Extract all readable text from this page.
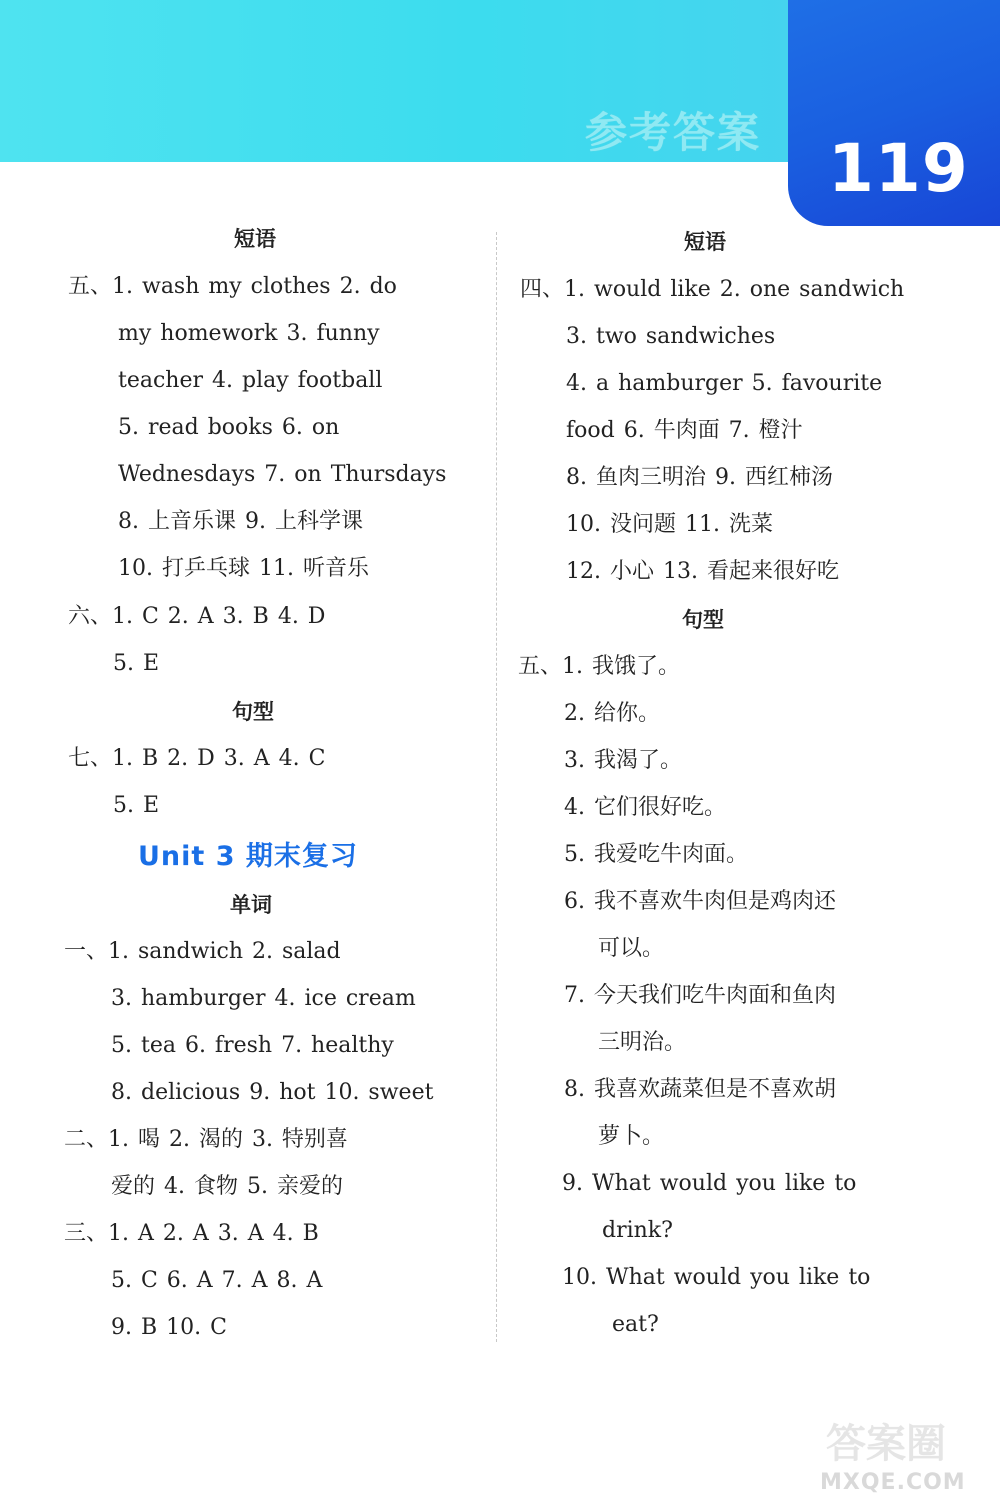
参考答案 119
短语
五、1. wash my clothes 2. do
my homework 3. funny
teacher 4. play football
5. read books 6. on
Wednesdays 7. on Thursdays
8. 上音乐课 9. 上科学课
10. 打乒乓球 11. 听音乐
六、1. C 2. A 3. B 4. D
5. E
句型
七、1. B 2. D 3. A 4. C
5. E
Unit 3 期末复习
单词
一、1. sandwich 2. salad
3. hamburger 4. ice cream
5. tea 6. fresh 7. healthy
8. delicious 9. hot 10. sweet
二、1. 喝 2. 渴的 3. 特别喜
爱的 4. 食物 5. 亲爱的
三、1. A 2. A 3. A 4. B
5. C 6. A 7. A 8. A
9. B 10. C
短语
四、1. would like 2. one sandwich
3. two sandwiches
4. a hamburger 5. favourite
food 6. 牛肉面 7. 橙汁
8. 鱼肉三明治 9. 西红柿汤
10. 没问题 11. 洗菜
12. 小心 13. 看起来很好吃
句型
五、1. 我饿了。
2. 给你。
3. 我渴了。
4. 它们很好吃。
5. 我爱吃牛肉面。
6. 我不喜欢牛肉但是鸡肉还
可以。
7. 今天我们吃牛肉面和鱼肉
三明治。
8. 我喜欢蔬菜但是不喜欢胡
萝卜。
9. What would you like to
drink?
10. What would you like to
eat?
答案圈
MXQE.COM
